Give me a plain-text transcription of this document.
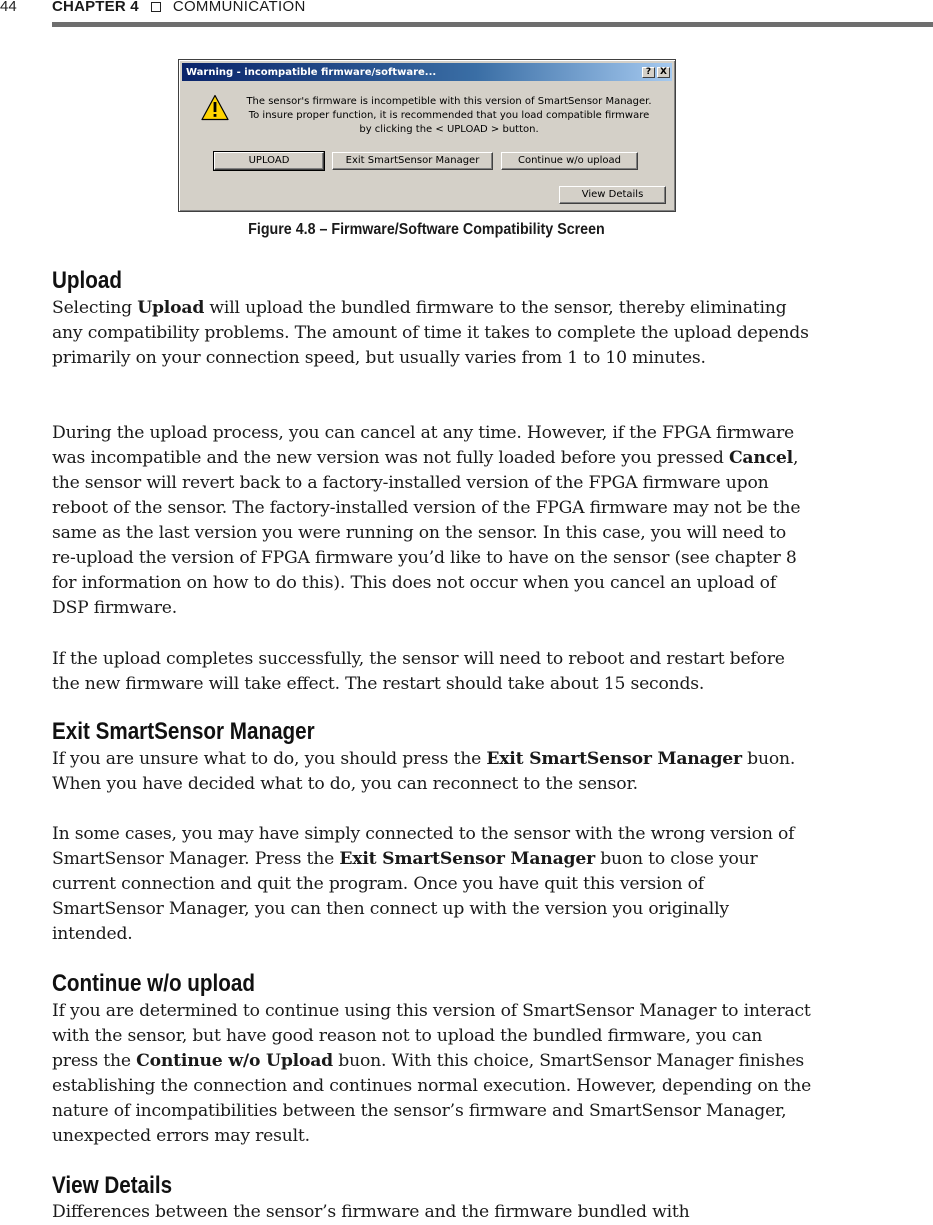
44 CHAPTER 4 COMMUNICATION
Warning - incompatible firmware/software...	? X
The sensor's firmware is incompetible with this version of SmartSensor Manager.
To insure proper function, it is recommended that you load compatible firmware
by clicking the < UPLOAD > button.
UPLOAD	Exit SmartSensor Manager	Continue w/o upload
View Details
Figure 4.8 – Firmware/Software Compatibility Screen
Upload

Selecting Upload will upload the bundled ﬁrmware to the sensor, thereby eliminating any compatibility problems. The amount of time it takes to complete the upload depends primarily on your connection speed, but usually varies from 1 to 10 minutes.

During the upload process, you can cancel at any time. However, if the FPGA ﬁrmware was incompatible and the new version was not fully loaded before you pressed Cancel, the sensor will revert back to a factory-installed version of the FPGA ﬁrmware upon reboot of the sensor. The factory-installed version of the FPGA ﬁrmware may not be the same as the last version you were running on the sensor. In this case, you will need to re-upload the version of FPGA ﬁrmware you’d like to have on the sensor (see chapter 8 for information on how to do this). This does not occur when you cancel an upload of DSP ﬁrmware.

If the upload completes successfully, the sensor will need to reboot and restart before the new ﬁrmware will take eﬀect. The restart should take about 15 seconds.

Exit SmartSensor Manager

If you are unsure what to do, you should press the Exit SmartSensor Manager buon. When you have decided what to do, you can reconnect to the sensor.

In some cases, you may have simply connected to the sensor with the wrong version of SmartSensor Manager. Press the Exit SmartSensor Manager buon to close your current connection and quit the program. Once you have quit this version of SmartSensor Manager, you can then connect up with the version you originally intended.

Continue w/o upload

If you are determined to continue using this version of SmartSensor Manager to interact with the sensor, but have good reason not to upload the bundled ﬁrmware, you can press the Continue w/o Upload buon. With this choice, SmartSensor Manager ﬁnishes establishing the connection and continues normal execution. However, depending on the nature of incompatibilities between the sensor’s ﬁrmware and SmartSensor Manager, unexpected errors may result.

View Details

Diﬀerences between the sensor’s ﬁrmware and the ﬁrmware bundled with
